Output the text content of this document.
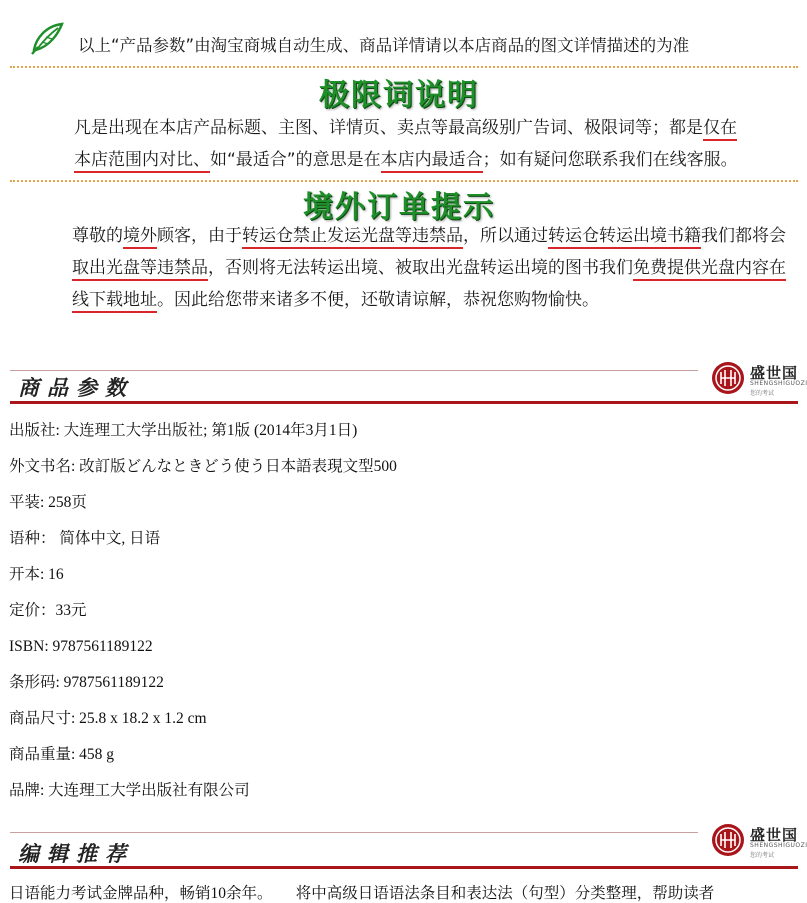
以上“产品参数”由淘宝商城自动生成、商品详情请以本店商品的图文详情描述的为准
极限词说明
凡是出现在本店产品标题、主图、详情页、卖点等最高级别广告词、极限词等；都是仅在
本店范围内对比、如“最适合”的意思是在本店内最适合；如有疑问您联系我们在线客服。
境外订单提示
尊敬的境外顾客，由于转运仓禁止发运光盘等违禁品，所以通过转运仓转运出境书籍我们都将会
取出光盘等违禁品，否则将无法转运出境、被取出光盘转运出境的图书我们免费提供光盘内容在
线下载地址。因此给您带来诸多不便，还敬请谅解，恭祝您购物愉快。
商品参数
盛世国
SHENGSHIGUOZI
您的考试
出版社: 大连理工大学出版社; 第1版 (2014年3月1日)
外文书名: 改訂版どんなときどう使う日本語表現文型500
平装: 258页
语种： 简体中文, 日语
开本: 16
定价：33元
ISBN: 9787561189122
条形码: 9787561189122
商品尺寸: 25.8 x 18.2 x 1.2 cm
商品重量: 458 g
品牌: 大连理工大学出版社有限公司
编辑推荐
盛世国
SHENGSHIGUOZI
您的考试
日语能力考试金牌品种，畅销10余年。　　将中高级日语语法条目和表达法（句型）分类整理，帮助读者
